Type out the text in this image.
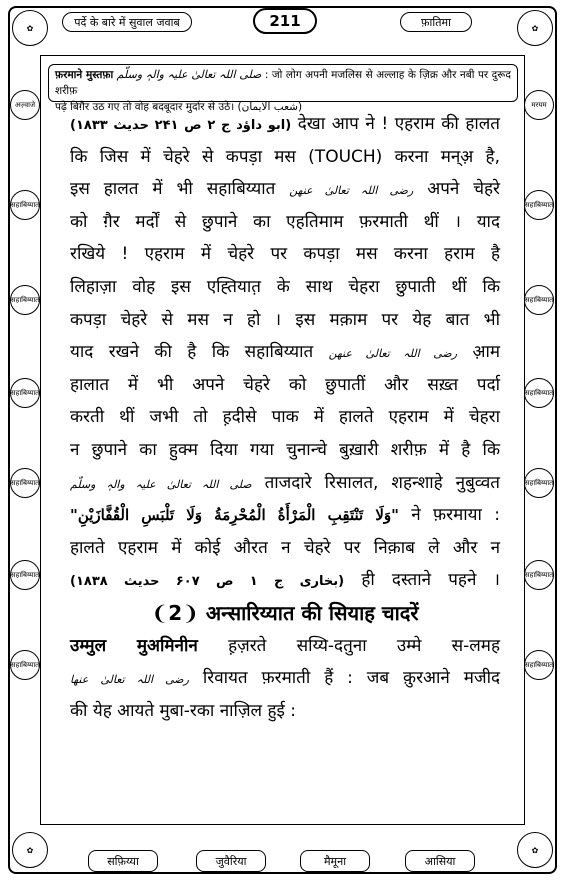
पर्दे के बारे में सुवाल जवाब	211	फ़ातिमा
✿	✿
✿	✿
अज़्वाजे
सहाबिय्यात
सहाबिय्यात
सहाबिय्यात
सहाबिय्यात
सहाबिय्यात
सहाबिय्यात
मरयम
सहाबिय्यात
सहाबिय्यात
सहाबिय्यात
सहाबिय्यात
सहाबिय्यात
सहाबिय्यात
फ़रमाने मुस्तफ़ा صلی اللہ تعالیٰ علیہ والہٖ وسلّم : जो लोग अपनी मजलिस से अल्लाह के ज़िक्र और नबी पर दुरूद शरीफ़
पढ़े बिग़ैर उठ गए तो वोह बदबूदार मुर्दार से उठे। (شعب الایمان)
(ابو داؤد ج ۲ ص ۲۴۱ حدیث ۱۸۳۳) देखा आप ने ! एहराम की हालत
कि जिस में चेहरे से कपड़ा मस (TOUCH) करना मन्अ़ है,
इस हालत में भी सहाबिय्यात رضی اللہ تعالیٰ عنھن अपने चेहरे
को ग़ैर मर्दों से छुपाने का एहतिमाम फ़रमाती थीं । याद
रखिये ! एहराम में चेहरे पर कपड़ा मस करना हराम है
लिहाज़ा वोह इस एह्तियात़ के साथ चेहरा छुपाती थीं कि
कपड़ा चेहरे से मस न हो । इस मक़ाम पर येह बात भी
याद रखने की है कि सहाबिय्यात رضی اللہ تعالیٰ عنھن आ़म
हालात में भी अपने चेहरे को छुपातीं और सख़्त पर्दा
करती थीं जभी तो ह़दीसे पाक में हालते एहराम में चेहरा
न छुपाने का हुक्म दिया गया चुनान्चे बुख़ारी शरीफ़ में है कि
صلی اللہ تعالیٰ علیہ والہٖ وسلّم ताजदारे रिसालत, शहन्शाहे नुबुव्वत
"وَلَا تَنْتَقِبِ الْمَرْأَةُ الْمُحْرِمَةُ وَلَا تَلْبَسِ الْقُفَّازَيْنِ" ने फ़रमाया :
हालते एहराम में कोई औरत न चेहरे पर निक़ाब ले और न
(بخاری ج ۱ ص ۶۰۷ حدیث ۱۸۳۸) ही दस्ताने पहने ।
❨2❩ अन्सारिय्यात की सियाह चादरें
उम्मुल मुअमिनीन ह़ज़रते सय्यि-दतुना उम्मे स-लमह
رضی اللہ تعالیٰ عنھا रिवायत फ़रमाती हैं : जब क़ुरआने मजीद
की येह आयते मुबा-रका नाज़िल हुई :
सफ़िय्या	जुवैरिया	मैमूना	आसिया
